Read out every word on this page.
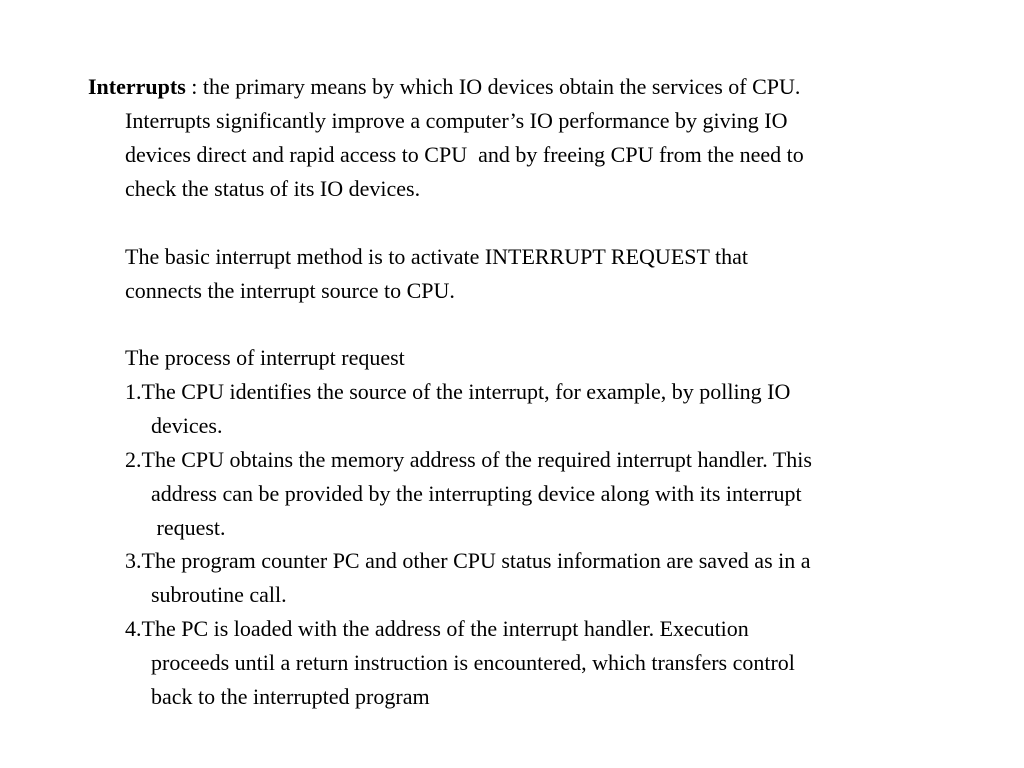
Interrupts : the primary means by which IO devices obtain the services of CPU.
Interrupts significantly improve a computer’s IO performance by giving IO
devices direct and rapid access to CPU  and by freeing CPU from the need to
check the status of its IO devices.
The basic interrupt method is to activate INTERRUPT REQUEST that
connects the interrupt source to CPU.
The process of interrupt request
1.The CPU identifies the source of the interrupt, for example, by polling IO
devices.
2.The CPU obtains the memory address of the required interrupt handler. This
address can be provided by the interrupting device along with its interrupt
request.
3.The program counter PC and other CPU status information are saved as in a
subroutine call.
4.The PC is loaded with the address of the interrupt handler. Execution
proceeds until a return instruction is encountered, which transfers control
back to the interrupted program
